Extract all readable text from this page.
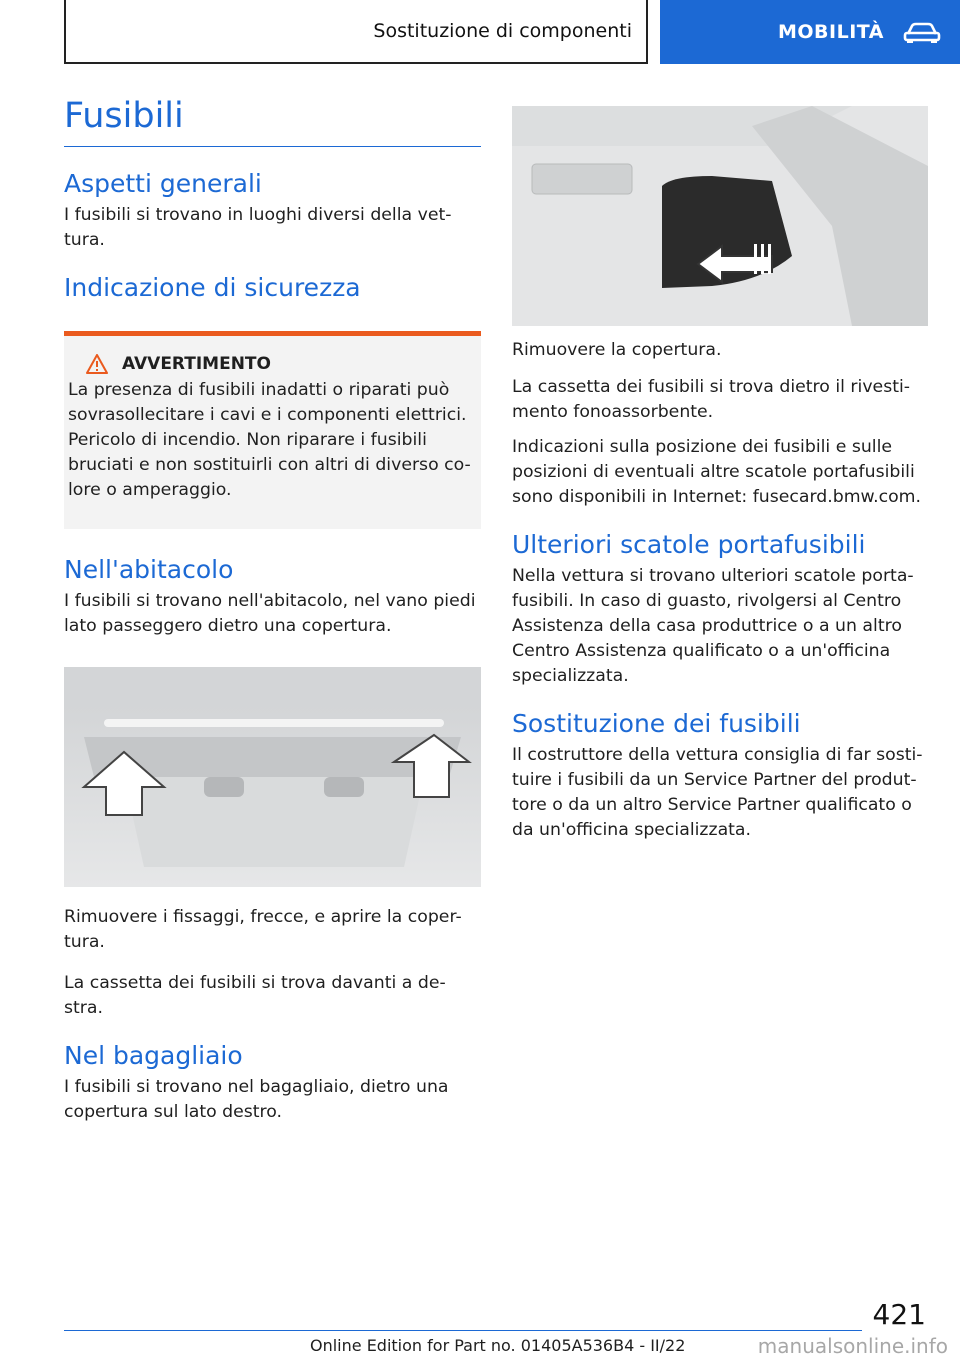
Sostituzione di componenti	MOBILITÀ
Fusibili
Aspetti generali

I fusibili si trovano in luoghi diversi della vet-tura.

Indicazione di sicurezza
AVVERTIMENTO

La presenza di fusibili inadatti o riparati può sovrasollecitare i cavi e i componenti elettrici. Pericolo di incendio. Non riparare i fusibili bruciati e non sostituirli con altri di diverso co-lore o amperaggio.

Nell'abitacolo

I fusibili si trovano nell'abitacolo, nel vano piedi lato passeggero dietro una copertura.

Rimuovere i fissaggi, frecce, e aprire la coper-tura.

La cassetta dei fusibili si trova davanti a de-stra.

Nel bagagliaio

I fusibili si trovano nel bagagliaio, dietro una copertura sul lato destro.

Rimuovere la copertura.

La cassetta dei fusibili si trova dietro il rivesti-mento fonoassorbente.

Indicazioni sulla posizione dei fusibili e sulle posizioni di eventuali altre scatole portafusibili sono disponibili in Internet: fusecard.bmw.com.

Ulteriori scatole portafusibili

Nella vettura si trovano ulteriori scatole porta-fusibili. In caso di guasto, rivolgersi al Centro Assistenza della casa produttrice o a un altro Centro Assistenza qualificato o a un'officina specializzata.

Sostituzione dei fusibili

Il costruttore della vettura consiglia di far sosti-tuire i fusibili da un Service Partner del produt-tore o da un altro Service Partner qualificato o da un'officina specializzata.

421
Online Edition for Part no. 01405A536B4 - II/22	manualsonline.info
